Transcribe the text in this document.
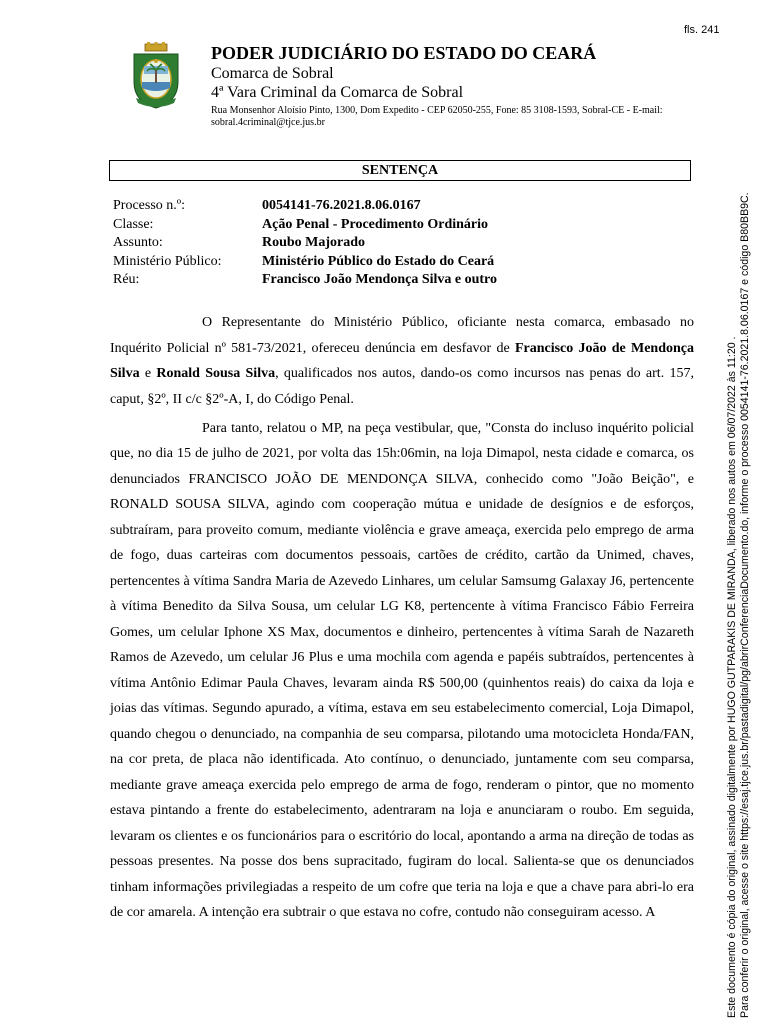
fls. 241
PODER JUDICIÁRIO DO ESTADO DO CEARÁ
Comarca de Sobral
4ª Vara Criminal da Comarca de Sobral
Rua Monsenhor Aloísio Pinto, 1300, Dom Expedito - CEP 62050-255, Fone: 85 3108-1593, Sobral-CE - E-mail: sobral.4criminal@tjce.jus.br
SENTENÇA
Processo n.º:	0054141-76.2021.8.06.0167
Classe:	Ação Penal - Procedimento Ordinário
Assunto:	Roubo Majorado
Ministério Público:	Ministério Público do Estado do Ceará
Réu:	Francisco João Mendonça Silva e outro

O Representante do Ministério Público, oficiante nesta comarca, embasado no Inquérito Policial nº 581-73/2021, ofereceu denúncia em desfavor de Francisco João de Mendonça Silva e Ronald Sousa Silva, qualificados nos autos, dando-os como incursos nas penas do art. 157, caput, §2º, II c/c §2º-A, I, do Código Penal.

Para tanto, relatou o MP, na peça vestibular, que, "Consta do incluso inquérito policial que, no dia 15 de julho de 2021, por volta das 15h:06min, na loja Dimapol, nesta cidade e comarca, os denunciados FRANCISCO JOÃO DE MENDONÇA SILVA, conhecido como "João Beição", e RONALD SOUSA SILVA, agindo com cooperação mútua e unidade de desígnios e de esforços, subtraíram, para proveito comum, mediante violência e grave ameaça, exercida pelo emprego de arma de fogo, duas carteiras com documentos pessoais, cartões de crédito, cartão da Unimed, chaves, pertencentes à vítima Sandra Maria de Azevedo Linhares, um celular Samsumg Galaxay J6, pertencente à vítima Benedito da Silva Sousa, um celular LG K8, pertencente à vítima Francisco Fábio Ferreira Gomes, um celular Iphone XS Max, documentos e dinheiro, pertencentes à vítima Sarah de Nazareth Ramos de Azevedo, um celular J6 Plus e uma mochila com agenda e papéis subtraídos, pertencentes à vítima Antônio Edimar Paula Chaves, levaram ainda R$ 500,00 (quinhentos reais) do caixa da loja e joias das vítimas. Segundo apurado, a vítima, estava em seu estabelecimento comercial, Loja Dimapol, quando chegou o denunciado, na companhia de seu comparsa, pilotando uma motocicleta Honda/FAN, na cor preta, de placa não identificada. Ato contínuo, o denunciado, juntamente com seu comparsa, mediante grave ameaça exercida pelo emprego de arma de fogo, renderam o pintor, que no momento estava pintando a frente do estabelecimento, adentraram na loja e anunciaram o roubo. Em seguida, levaram os clientes e os funcionários para o escritório do local, apontando a arma na direção de todas as pessoas presentes. Na posse dos bens supracitado, fugiram do local. Salienta-se que os denunciados tinham informações privilegiadas a respeito de um cofre que teria na loja e que a chave para abri-lo era de cor amarela. A intenção era subtrair o que estava no cofre, contudo não conseguiram acesso. A	Este documento é cópia do original, assinado digitalmente por HUGO GUTPARAKIS DE MIRANDA, liberado nos autos em 06/07/2022 às 11:20 . Para conferir o original, acesse o site https://esaj.tjce.jus.br/pastadigital/pg/abrirConferenciaDocumento.do, informe o processo 0054141-76.2021.8.06.0167 e código B80BB9C.
